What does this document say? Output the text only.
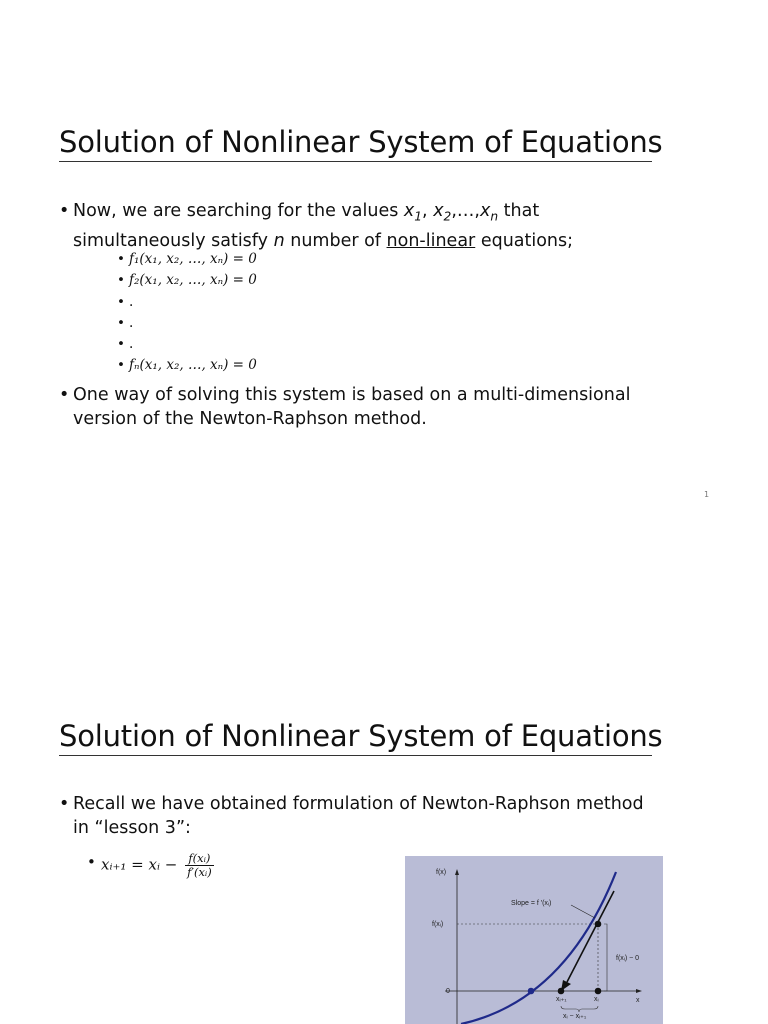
Solution of Nonlinear System of Equations
• Now, we are searching for the values $x_1$, $x_2,\dots,x_n$ that
simultaneously satisfy n number of non-linear equations;
• f₁(x₁, x₂, …, xₙ) = 0
• f₂(x₁, x₂, …, xₙ) = 0
• .
• .
• .
• fₙ(x₁, x₂, …, xₙ) = 0
• One way of solving this system is based on a multi-dimensional
version of the Newton-Raphson method.
1
Solution of Nonlinear System of Equations
• Recall we have obtained formulation of Newton-Raphson method
in “lesson 3”:
• xᵢ₊₁ = xᵢ − $\frac{\text{f(xᵢ)}}{\text{f′(xᵢ)}}$	f(x)
x
f(xᵢ)
0
Slope = f ′(xᵢ)
f(xᵢ) − 0
xᵢ₊₁	xᵢ
xᵢ − xᵢ₊₁
